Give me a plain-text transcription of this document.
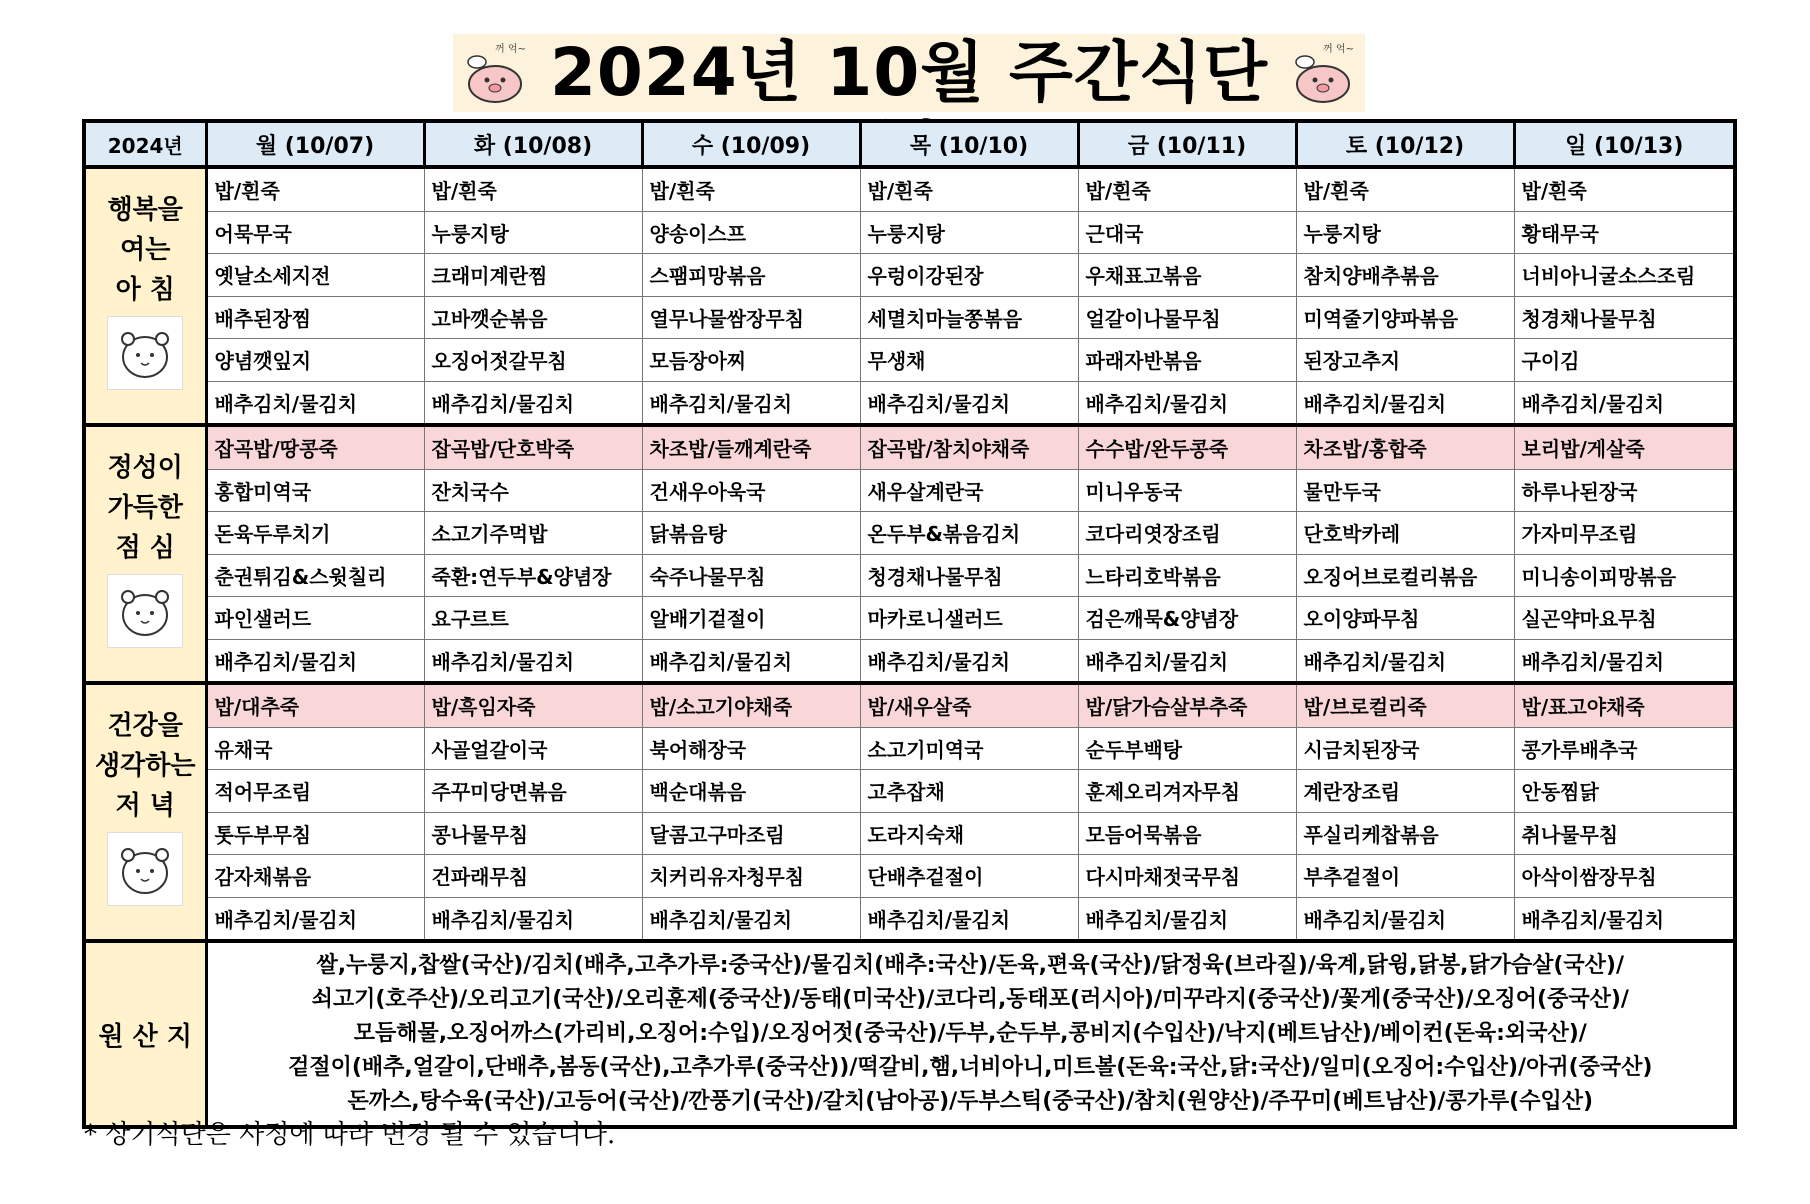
꺼 억~ 2024년 10월 주간식단	꺼 억~
2024년	월 (10/07)	화 (10/08)	수 (10/09)	목 (10/10)	금 (10/11)	토 (10/12)	일 (10/13)

행복을
여는
아 침	밥/흰죽	밥/흰죽	밥/흰죽	밥/흰죽	밥/흰죽	밥/흰죽	밥/흰죽
	어묵무국	누룽지탕	양송이스프	누룽지탕	근대국	누룽지탕	황태무국
	옛날소세지전	크래미계란찜	스팸피망볶음	우렁이강된장	우채표고볶음	참치양배추볶음	너비아니굴소스조림
	배추된장찜	고바깻순볶음	열무나물쌈장무침	세멸치마늘쫑볶음	얼갈이나물무침	미역줄기양파볶음	청경채나물무침
	양념깻잎지	오징어젓갈무침	모듬장아찌	무생채	파래자반볶음	된장고추지	구이김
	배추김치/물김치	배추김치/물김치	배추김치/물김치	배추김치/물김치	배추김치/물김치	배추김치/물김치	배추김치/물김치

정성이
가득한
점 심	잡곡밥/땅콩죽	잡곡밥/단호박죽	차조밥/들깨계란죽	잡곡밥/참치야채죽	수수밥/완두콩죽	차조밥/홍합죽	보리밥/게살죽
	홍합미역국	잔치국수	건새우아욱국	새우살계란국	미니우동국	물만두국	하루나된장국
	돈육두루치기	소고기주먹밥	닭볶음탕	온두부&볶음김치	코다리엿장조림	단호박카레	가자미무조림
	춘권튀김&스윗칠리	죽환:연두부&양념장	숙주나물무침	청경채나물무침	느타리호박볶음	오징어브로컬리볶음	미니송이피망볶음
	파인샐러드	요구르트	알배기겉절이	마카로니샐러드	검은깨묵&양념장	오이양파무침	실곤약마요무침
	배추김치/물김치	배추김치/물김치	배추김치/물김치	배추김치/물김치	배추김치/물김치	배추김치/물김치	배추김치/물김치

건강을
생각하는
저 녁	밥/대추죽	밥/흑임자죽	밥/소고기야채죽	밥/새우살죽	밥/닭가슴살부추죽	밥/브로컬리죽	밥/표고야채죽
	유채국	사골얼갈이국	북어해장국	소고기미역국	순두부백탕	시금치된장국	콩가루배추국
	적어무조림	주꾸미당면볶음	백순대볶음	고추잡채	훈제오리겨자무침	계란장조림	안동찜닭
	톳두부무침	콩나물무침	달콤고구마조림	도라지숙채	모듬어묵볶음	푸실리케찹볶음	취나물무침
	감자채볶음	건파래무침	치커리유자청무침	단배추겉절이	다시마채젓국무침	부추겉절이	아삭이쌈장무침
	배추김치/물김치	배추김치/물김치	배추김치/물김치	배추김치/물김치	배추김치/물김치	배추김치/물김치	배추김치/물김치
원 산 지	쌀,누룽지,찹쌀(국산)/김치(배추,고추가루:중국산)/물김치(배추:국산)/돈육,편육(국산)/닭정육(브라질)/육계,닭윙,닭봉,닭가슴살(국산)/
쇠고기(호주산)/오리고기(국산)/오리훈제(중국산)/동태(미국산)/코다리,동태포(러시아)/미꾸라지(중국산)/꽃게(중국산)/오징어(중국산)/
모듬해물,오징어까스(가리비,오징어:수입)/오징어젓(중국산)/두부,순두부,콩비지(수입산)/낙지(베트남산)/베이컨(돈육:외국산)/
겉절이(배추,얼갈이,단배추,봄동(국산),고추가루(중국산))/떡갈비,햄,너비아니,미트볼(돈육:국산,닭:국산)/일미(오징어:수입산)/아귀(중국산)
돈까스,탕수육(국산)/고등어(국산)/깐풍기(국산)/갈치(남아공)/두부스틱(중국산)/참치(원양산)/주꾸미(베트남산)/콩가루(수입산)						
* 상기식단은 사정에 따라 변경 될 수 있습니다.
